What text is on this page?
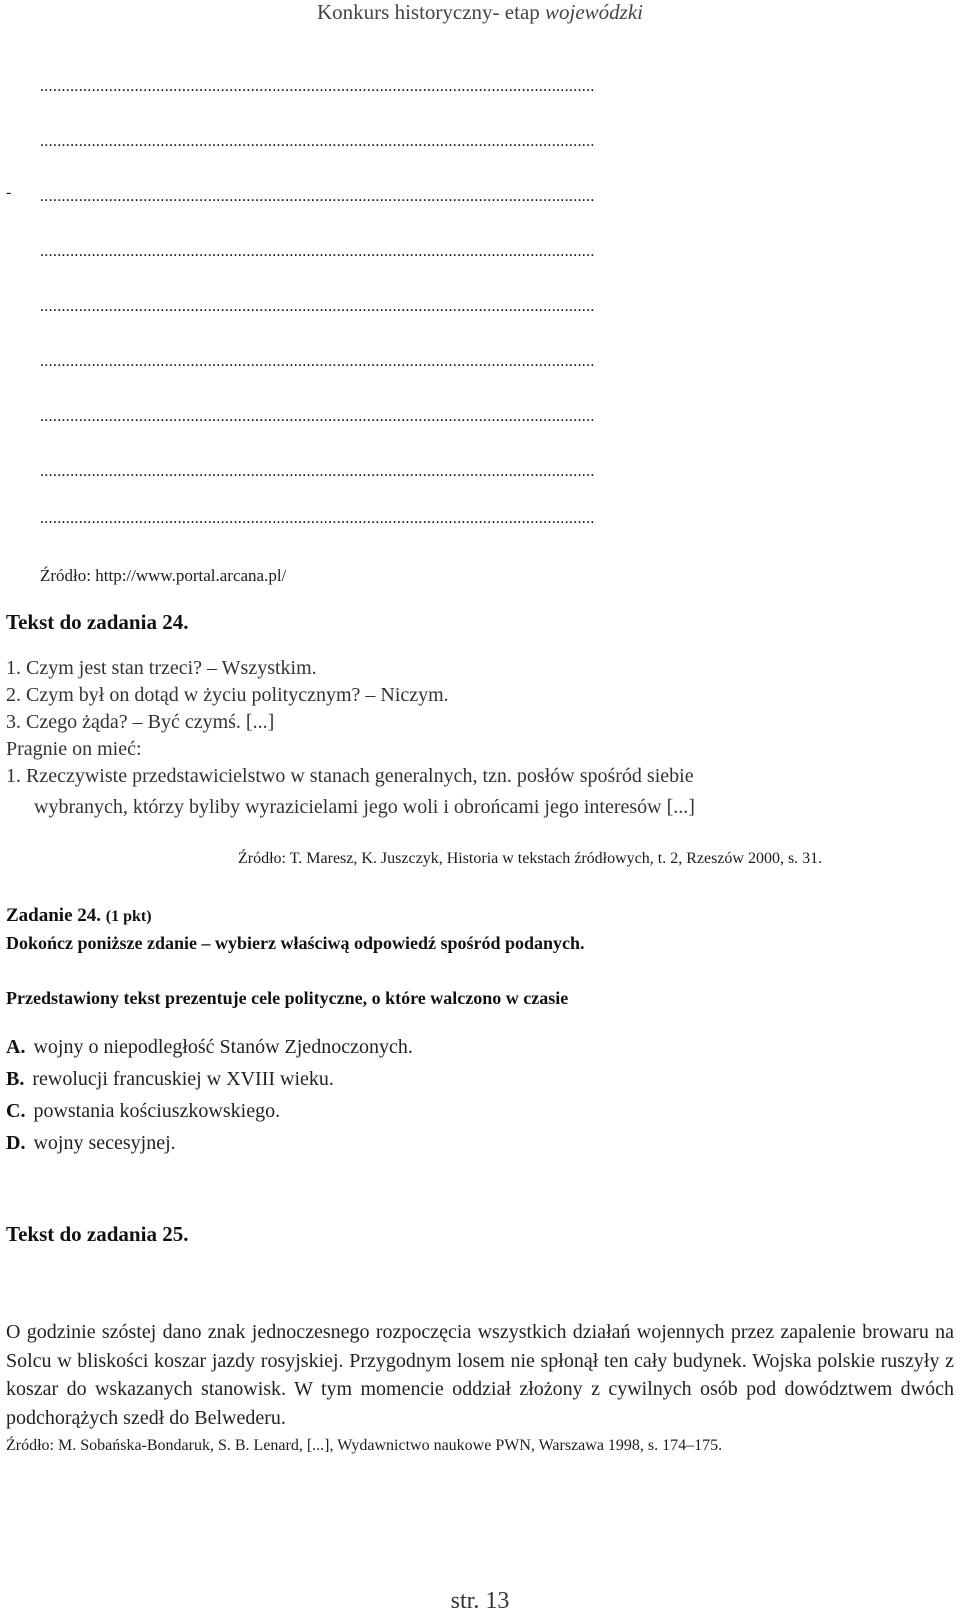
Konkurs historyczny- etap wojewódzki
.................................................................................................................................
.................................................................................................................................
- .................................................................................................................................
.................................................................................................................................
.................................................................................................................................
.................................................................................................................................
.................................................................................................................................
.................................................................................................................................
.................................................................................................................................
Źródło: http://www.portal.arcana.pl/
Tekst do zadania 24.
1. Czym jest stan trzeci? – Wszystkim.
2. Czym był on dotąd w życiu politycznym? – Niczym.
3. Czego żąda? – Być czymś. [...]
Pragnie on mieć:
1. Rzeczywiste przedstawicielstwo w stanach generalnych, tzn. posłów spośród siebie
wybranych, którzy byliby wyrazicielami jego woli i obrońcami jego interesów [...]
Źródło: T. Maresz, K. Juszczyk, Historia w tekstach źródłowych, t. 2, Rzeszów 2000, s. 31.
Zadanie 24. (1 pkt)
Dokończ poniższe zdanie – wybierz właściwą odpowiedź spośród podanych.
Przedstawiony tekst prezentuje cele polityczne, o które walczono w czasie
A. wojny o niepodległość Stanów Zjednoczonych.
B. rewolucji francuskiej w XVIII wieku.
C. powstania kościuszkowskiego.
D. wojny secesyjnej.
Tekst do zadania 25.
O godzinie szóstej dano znak jednoczesnego rozpoczęcia wszystkich działań wojennych przez zapalenie browaru na Solcu w bliskości koszar jazdy rosyjskiej. Przygodnym losem nie spłonął ten cały budynek. Wojska polskie ruszyły z koszar do wskazanych stanowisk. W tym momencie oddział złożony z cywilnych osób pod dowództwem dwóch podchorążych szedł do Belwederu.
Źródło: M. Sobańska-Bondaruk, S. B. Lenard, [...], Wydawnictwo naukowe PWN, Warszawa 1998, s. 174–175.
str. 13
